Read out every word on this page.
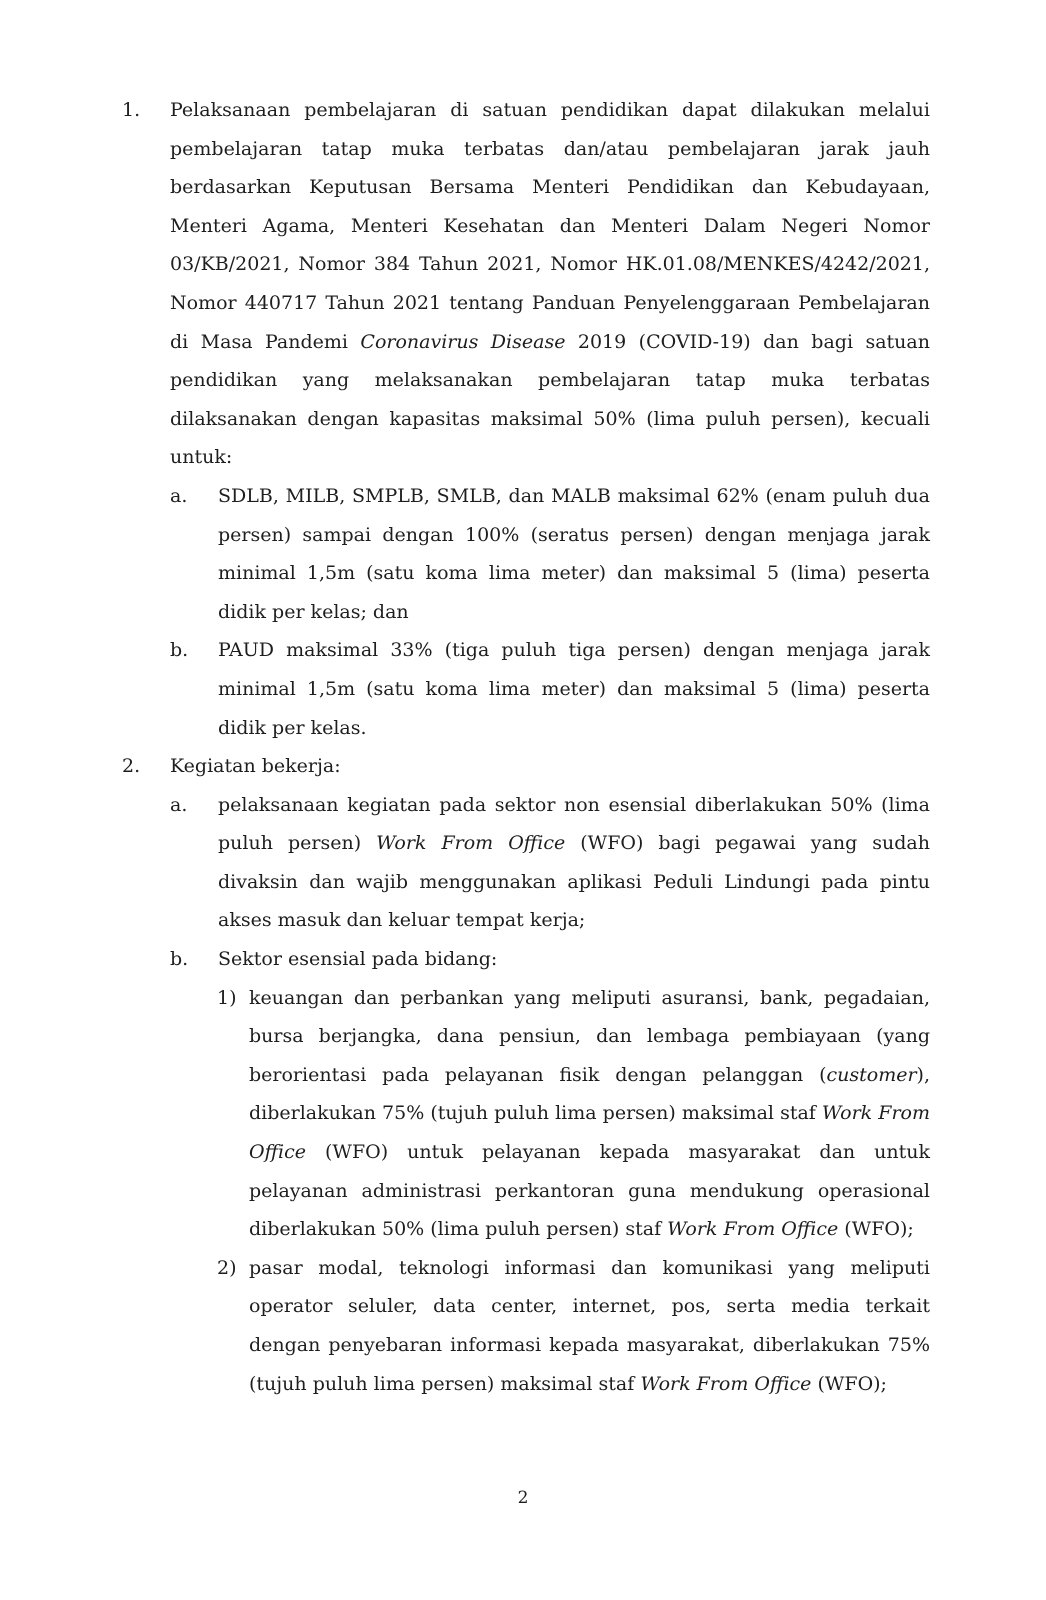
1. Pelaksanaan pembelajaran di satuan pendidikan dapat dilakukan melalui pembelajaran tatap muka terbatas dan/atau pembelajaran jarak jauh berdasarkan Keputusan Bersama Menteri Pendidikan dan Kebudayaan, Menteri Agama, Menteri Kesehatan dan Menteri Dalam Negeri Nomor 03/KB/2021, Nomor 384 Tahun 2021, Nomor HK.01.08/MENKES/4242/2021, Nomor 440717 Tahun 2021 tentang Panduan Penyelenggaraan Pembelajaran di Masa Pandemi Coronavirus Disease 2019 (COVID-19) dan bagi satuan pendidikan yang melaksanakan pembelajaran tatap muka terbatas dilaksanakan dengan kapasitas maksimal 50% (lima puluh persen), kecuali untuk:

a. SDLB, MILB, SMPLB, SMLB, dan MALB maksimal 62% (enam puluh dua persen) sampai dengan 100% (seratus persen) dengan menjaga jarak minimal 1,5m (satu koma lima meter) dan maksimal 5 (lima) peserta didik per kelas; dan

b. PAUD maksimal 33% (tiga puluh tiga persen) dengan menjaga jarak minimal 1,5m (satu koma lima meter) dan maksimal 5 (lima) peserta didik per kelas.

2. Kegiatan bekerja:

a. pelaksanaan kegiatan pada sektor non esensial diberlakukan 50% (lima puluh persen) Work From Office (WFO) bagi pegawai yang sudah divaksin dan wajib menggunakan aplikasi Peduli Lindungi pada pintu akses masuk dan keluar tempat kerja;

b. Sektor esensial pada bidang:

1) keuangan dan perbankan yang meliputi asuransi, bank, pegadaian, bursa berjangka, dana pensiun, dan lembaga pembiayaan (yang berorientasi pada pelayanan fisik dengan pelanggan (customer), diberlakukan 75% (tujuh puluh lima persen) maksimal staf Work From Office (WFO) untuk pelayanan kepada masyarakat dan untuk pelayanan administrasi perkantoran guna mendukung operasional diberlakukan 50% (lima puluh persen) staf Work From Office (WFO);

2) pasar modal, teknologi informasi dan komunikasi yang meliputi operator seluler, data center, internet, pos, serta media terkait dengan penyebaran informasi kepada masyarakat, diberlakukan 75% (tujuh puluh lima persen) maksimal staf Work From Office (WFO);

2
